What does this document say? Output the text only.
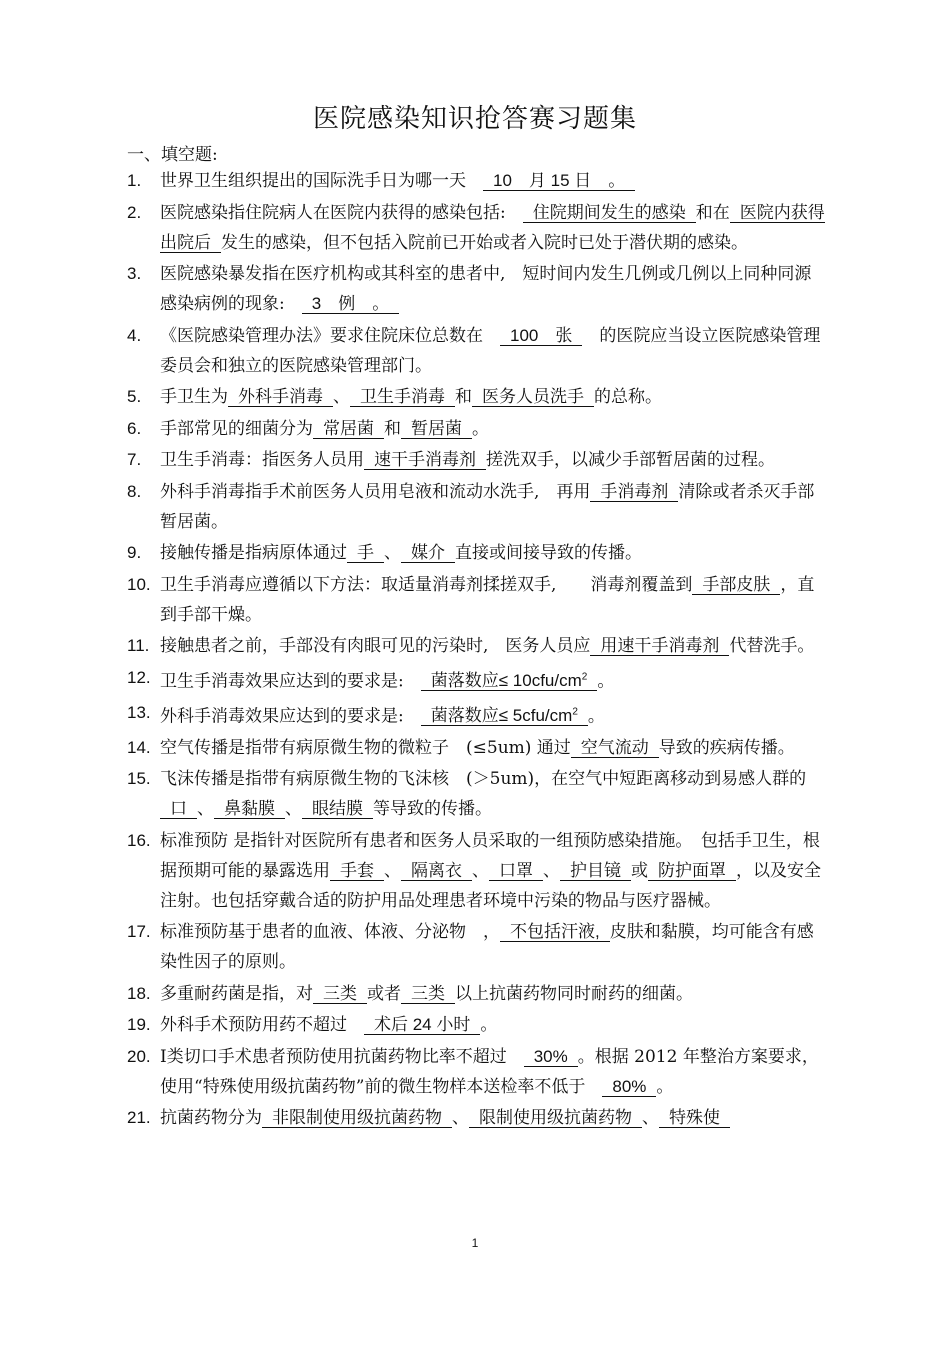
医院感染知识抢答赛习题集
一、填空题:
1. 世界卫生组织提出的国际洗手日为哪一天　10　月 15 日　。
2. 医院感染指住院病人在医院内获得的感染包括:　住院期间发生的感染 和在 医院内获得出院后 发生的感染，但不包括入院前已开始或者入院时已处于潜伏期的感染。
3. 医院感染暴发指在医疗机构或其科室的患者中,　短时间内发生几例或几例以上同种同源感染病例的现象:　3　例　。
4. 《医院感染管理办法》要求住院床位总数在　100　张　的医院应当设立医院感染管理委员会和独立的医院感染管理部门。
5. 手卫生为 外科手消毒 、 卫生手消毒 和 医务人员洗手 的总称。
6. 手部常见的细菌分为 常居菌 和 暂居菌 。
7. 卫生手消毒：指医务人员用 速干手消毒剂 搓洗双手，以减少手部暂居菌的过程。
8. 外科手消毒指手术前医务人员用皂液和流动水洗手,　再用 手消毒剂 清除或者杀灭手部暂居菌。
9. 接触传播是指病原体通过 手 、 媒介 直接或间接导致的传播。
10. 卫生手消毒应遵循以下方法：取适量消毒剂揉搓双手,　　消毒剂覆盖到 手部皮肤 ，直到手部干燥。
11. 接触患者之前，手部没有肉眼可见的污染时,　医务人员应 用速干手消毒剂 代替洗手。
12. 卫生手消毒效果应达到的要求是:　菌落数应≤ $10cfu/cm^2$ 。
13. 外科手消毒效果应达到的要求是:　菌落数应≤ $5cfu/cm^2$ 。
14. 空气传播是指带有病原微生物的微粒子　(≤5um) 通过 空气流动 导致的疾病传播。
15. 飞沫传播是指带有病原微生物的飞沫核　(＞5um)，在空气中短距离移动到易感人群的口 、 鼻黏膜 、 眼结膜 等导致的传播。
16. 标准预防 是指针对医院所有患者和医务人员采取的一组预防感染措施。　包括手卫生，根据预期可能的暴露选用 手套 、 隔离衣 、 口罩 、 护目镜 或 防护面罩 ，以及安全注射。也包括穿戴合适的防护用品处理患者环境中污染的物品与医疗器械。
17. 标准预防基于患者的血液、体液、分泌物　， 不包括汗液, 皮肤和黏膜，均可能含有感染性因子的原则。
18. 多重耐药菌是指，对 三类 或者 三类 以上抗菌药物同时耐药的细菌。
19. 外科手术预防用药不超过　术后 24 小时 。
20. Ⅰ类切口手术患者预防使用抗菌药物比率不超过　30% 。根据 2012 年整治方案要求，使用“特殊使用级抗菌药物”前的微生物样本送检率不低于　80% 。
21. 抗菌药物分为 非限制使用级抗菌药物 、 限制使用级抗菌药物 、 特殊使
1
